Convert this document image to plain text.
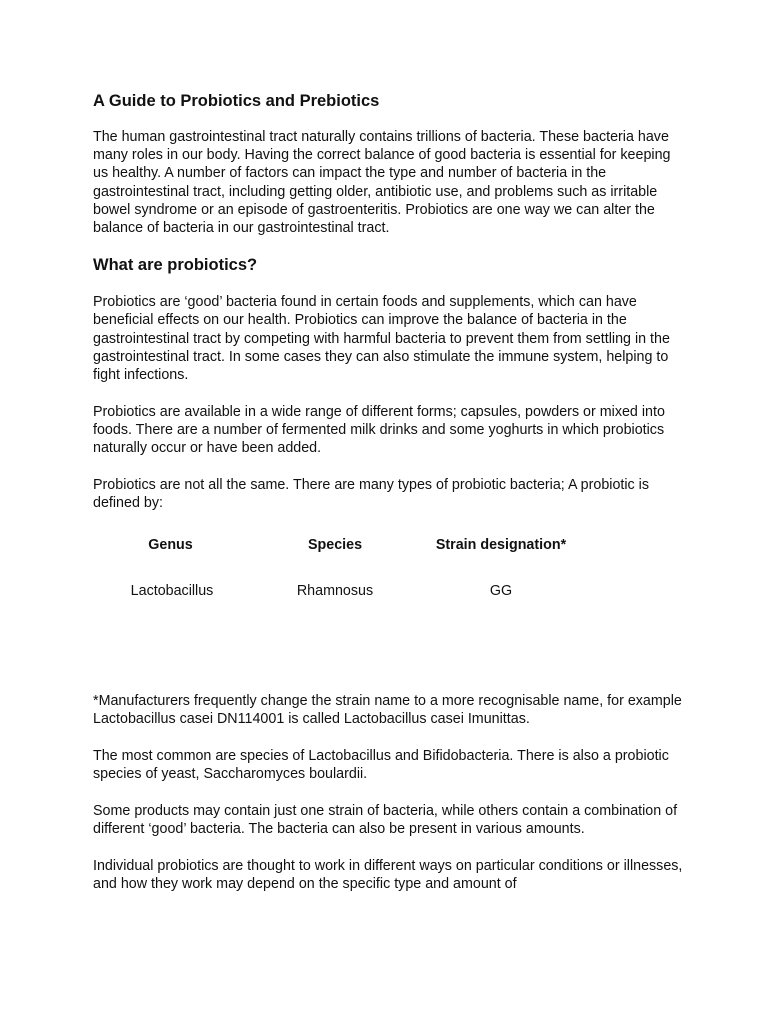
A Guide to Probiotics and Prebiotics

The human gastrointestinal tract naturally contains trillions of bacteria. These bacteria have many roles in our body. Having the correct balance of good bacteria is essential for keeping us healthy. A number of factors can impact the type and number of bacteria in the gastrointestinal tract, including getting older, antibiotic use, and problems such as irritable bowel syndrome or an episode of gastroenteritis. Probiotics are one way we can alter the balance of bacteria in our gastrointestinal tract.

What are probiotics?

Probiotics are ‘good’ bacteria found in certain foods and supplements, which can have beneficial effects on our health. Probiotics can improve the balance of bacteria in the gastrointestinal tract by competing with harmful bacteria to prevent them from settling in the gastrointestinal tract. In some cases they can also stimulate the immune system, helping to fight infections.

Probiotics are available in a wide range of different forms; capsules, powders or mixed into foods. There are a number of fermented milk drinks and some yoghurts in which probiotics naturally occur or have been added.

Probiotics are not all the same. There are many types of probiotic bacteria; A probiotic is defined by:

Genus	Species	Strain designation*
Lactobacillus	Rhamnosus	GG

*Manufacturers frequently change the strain name to a more recognisable name, for example Lactobacillus casei DN114001 is called Lactobacillus casei Imunittas.

The most common are species of Lactobacillus and Bifidobacteria. There is also a probiotic species of yeast, Saccharomyces boulardii.

Some products may contain just one strain of bacteria, while others contain a combination of different ‘good’ bacteria. The bacteria can also be present in various amounts.

Individual probiotics are thought to work in different ways on particular conditions or illnesses, and how they work may depend on the specific type and amount of
